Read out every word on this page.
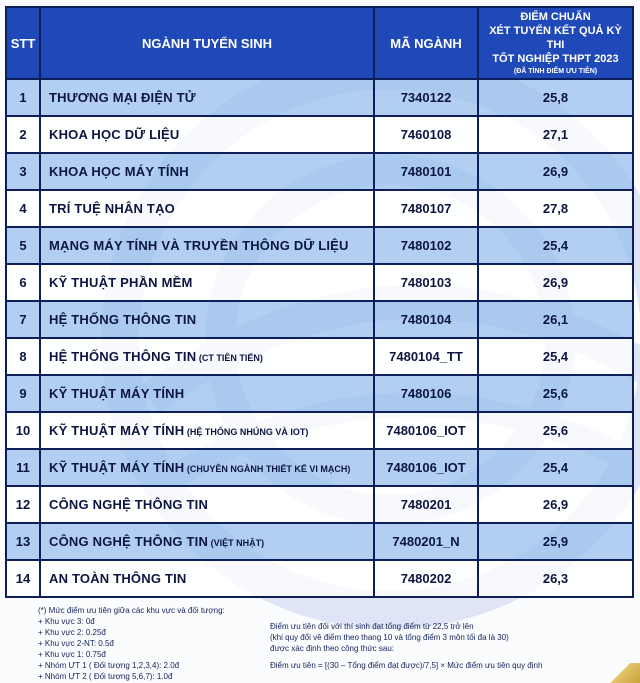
STT	NGÀNH TUYỂN SINH	MÃ NGÀNH	ĐIỂM CHUẨN
XÉT TUYỂN KẾT QUẢ KỲ THI
TỐT NGHIỆP THPT 2023
(ĐÃ TÍNH ĐIỂM ƯU TIÊN)

1	THƯƠNG MẠI ĐIỆN TỬ	7340122	25,8
2	KHOA HỌC DỮ LIỆU	7460108	27,1
3	KHOA HỌC MÁY TÍNH	7480101	26,9
4	TRÍ TUỆ NHÂN TẠO	7480107	27,8
5	MẠNG MÁY TÍNH VÀ TRUYỀN THÔNG DỮ LIỆU	7480102	25,4
6	KỸ THUẬT PHẦN MỀM	7480103	26,9
7	HỆ THỐNG THÔNG TIN	7480104	26,1
8	HỆ THỐNG THÔNG TIN (CT TIÊN TIẾN)	7480104_TT	25,4
9	KỸ THUẬT MÁY TÍNH	7480106	25,6
10	KỸ THUẬT MÁY TÍNH (HỆ THỐNG NHÚNG VÀ IOT)	7480106_IOT	25,6
11	KỸ THUẬT MÁY TÍNH (CHUYÊN NGÀNH THIẾT KẾ VI MẠCH)	7480106_IOT	25,4
12	CÔNG NGHỆ THÔNG TIN	7480201	26,9
13	CÔNG NGHỆ THÔNG TIN (VIỆT NHẬT)	7480201_N	25,9
14	AN TOÀN THÔNG TIN	7480202	26,3
(*) Mức điểm ưu tiên giữa các khu vực và đối tượng:
+ Khu vực 3: 0đ
+ Khu vực 2: 0.25đ
+ Khu vực 2-NT: 0.5đ
+ Khu vực 1: 0.75đ
+ Nhóm ƯT 1 ( Đối tượng 1,2,3,4): 2.0đ
+ Nhóm ƯT 2 ( Đối tượng 5,6,7): 1.0đ
Điểm ưu tiên đối với thí sinh đạt tổng điểm từ 22,5 trở lên
(khi quy đổi về điểm theo thang 10 và tổng điểm 3 môn tối đa là 30)
được xác định theo công thức sau:
Điểm ưu tiên = [(30 – Tổng điểm đạt được)/7,5] × Mức điểm ưu tiên quy định
